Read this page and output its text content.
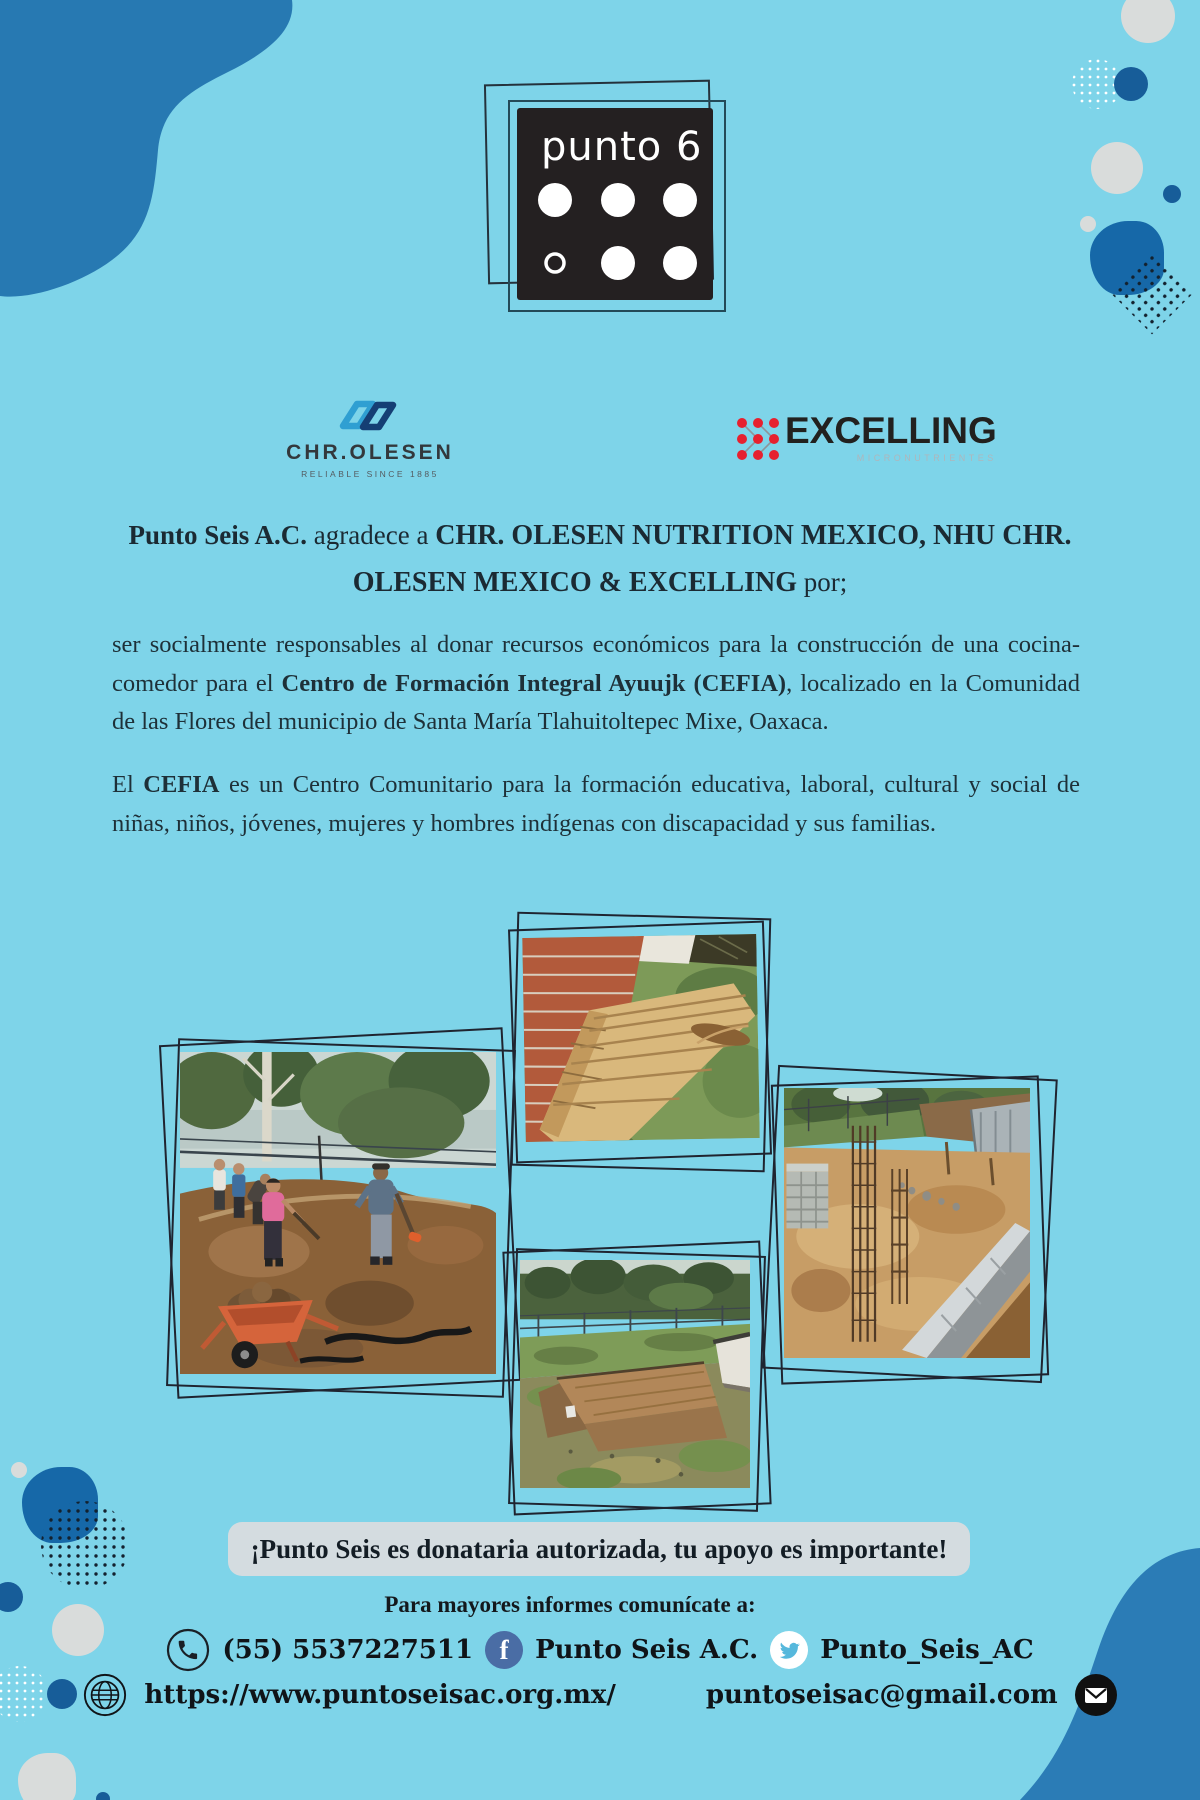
punto 6
CHR.OLESEN
RELIABLE SINCE 1885
EXCELLING
MICRONUTRIENTES
Punto Seis A.C. agradece a CHR. OLESEN NUTRITION MEXICO, NHU CHR.
OLESEN MEXICO & EXCELLING por;
ser socialmente responsables al donar recursos económicos para la construcción de una cocina-comedor para el Centro de Formación Integral Ayuujk (CEFIA), localizado en la Comunidad de las Flores del municipio de Santa María Tlahuitoltepec Mixe, Oaxaca.
El CEFIA es un Centro Comunitario para la formación educativa, laboral, cultural y social de niñas, niños, jóvenes, mujeres y hombres indígenas con discapacidad y sus familias.
¡Punto Seis es donataria autorizada, tu apoyo es importante!
Para mayores informes comunícate a:
(55) 5537227511 f	Punto Seis A.C. Punto_Seis_AC
https://www.puntoseisac.org.mx/	puntoseisac@gmail.com
